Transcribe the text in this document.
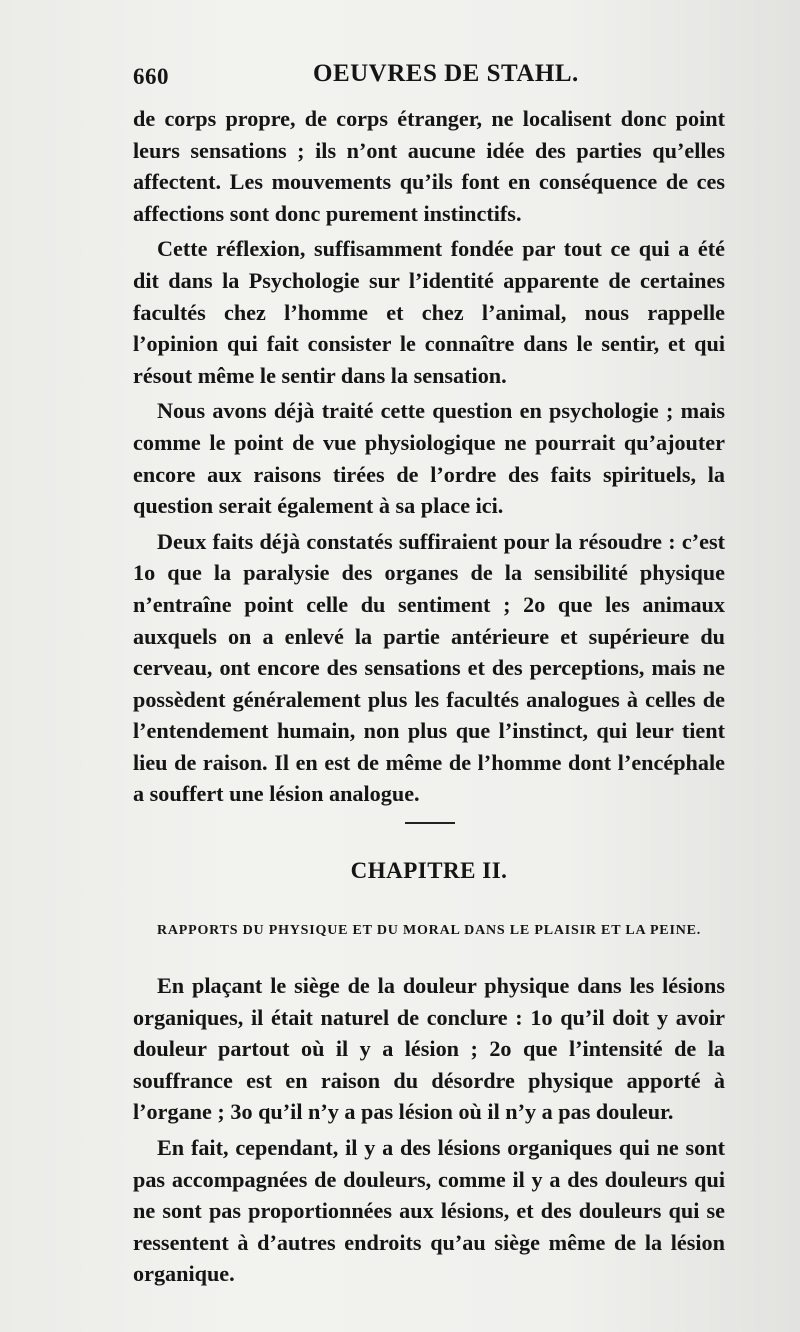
660	OEUVRES DE STAHL.

de corps propre, de corps étranger, ne localisent donc point leurs sensations ; ils n’ont aucune idée des parties qu’elles affectent. Les mouvements qu’ils font en conséquence de ces affections sont donc purement instinctifs.

Cette réflexion, suffisamment fondée par tout ce qui a été dit dans la Psychologie sur l’identité apparente de certaines facultés chez l’homme et chez l’animal, nous rappelle l’opinion qui fait consister le connaître dans le sentir, et qui résout même le sentir dans la sensation.

Nous avons déjà traité cette question en psychologie ; mais comme le point de vue physiologique ne pourrait qu’ajouter encore aux raisons tirées de l’ordre des faits spirituels, la question serait également à sa place ici.

Deux faits déjà constatés suffiraient pour la résoudre : c’est 1o que la paralysie des organes de la sensibilité physique n’entraîne point celle du sentiment ; 2o que les animaux auxquels on a enlevé la partie antérieure et supérieure du cerveau, ont encore des sensations et des perceptions, mais ne possèdent généralement plus les facultés analogues à celles de l’entendement humain, non plus que l’instinct, qui leur tient lieu de raison. Il en est de même de l’homme dont l’encéphale a souffert une lésion analogue.

CHAPITRE II.
RAPPORTS DU PHYSIQUE ET DU MORAL DANS LE PLAISIR ET LA PEINE.

En plaçant le siège de la douleur physique dans les lésions organiques, il était naturel de conclure : 1o qu’il doit y avoir douleur partout où il y a lésion ; 2o que l’intensité de la souffrance est en raison du désordre physique apporté à l’organe ; 3o qu’il n’y a pas lésion où il n’y a pas douleur.

En fait, cependant, il y a des lésions organiques qui ne sont pas accompagnées de douleurs, comme il y a des douleurs qui ne sont pas proportionnées aux lésions, et des douleurs qui se ressentent à d’autres endroits qu’au siège même de la lésion organique.
